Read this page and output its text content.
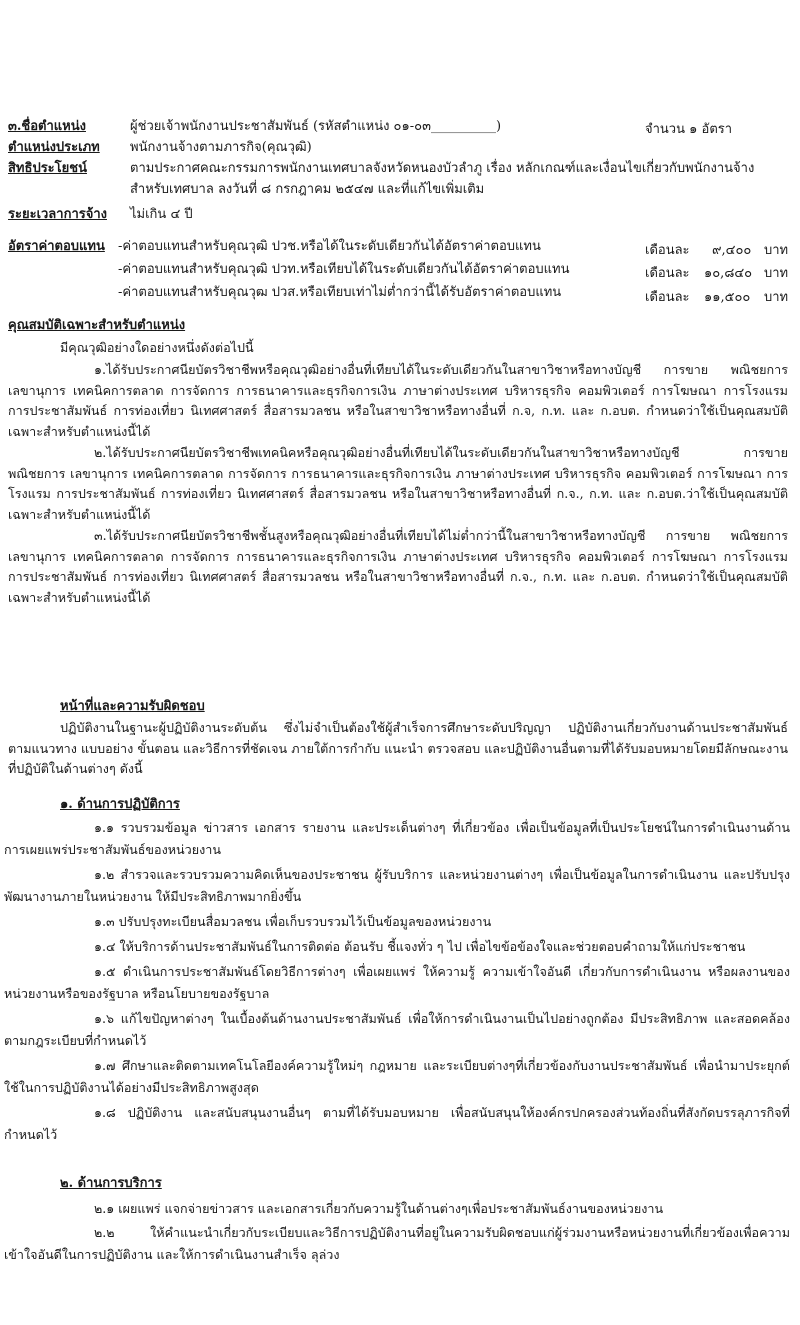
๓.ชื่อตำแหน่ง	ผู้ช่วยเจ้าพนักงานประชาสัมพันธ์ (รหัสตำแหน่ง ๐๑-๐๓__________)	จำนวน ๑ อัตรา
ตำแหน่งประเภท พนักงานจ้างตามภารกิจ(คุณวุฒิ)
สิทธิประโยชน์	ตามประกาศคณะกรรมการพนักงานเทศบาลจังหวัดหนองบัวลำภู เรื่อง หลักเกณฑ์และเงื่อนไขเกี่ยวกับพนักงานจ้าง
สำหรับเทศบาล ลงวันที่ ๘ กรกฎาคม ๒๕๔๗ และที่แก้ไขเพิ่มเติม
ระยะเวลาการจ้าง ไม่เกิน ๔ ปี
อัตราค่าตอบแทน -ค่าตอบแทนสำหรับคุณวุฒิ ปวช.หรือได้ในระดับเดียวกันได้อัตราค่าตอบแทน	เดือนละ ๙,๔๐๐ บาท
-ค่าตอบแทนสำหรับคุณวุฒิ ปวท.หรือเทียบได้ในระดับเดียวกันได้อัตราค่าตอบแทน	เดือนละ ๑๐,๘๔๐ บาท
-ค่าตอบแทนสำหรับคุณวุฒ ปวส.หรือเทียบเท่าไม่ต่ำกว่านี้ได้รับอัตราค่าตอบแทน	เดือนละ ๑๑,๕๐๐ บาท
คุณสมบัติเฉพาะสำหรับตำแหน่ง

มีคุณวุฒิอย่างใดอย่างหนึ่งดังต่อไปนี้

๑.ได้รับประกาศนียบัตรวิชาชีพหรือคุณวุฒิอย่างอื่นที่เทียบได้ในระดับเดียวกันในสาขาวิชาหรือทางบัญชี การขาย พณิชยการ เลขานุการ เทคนิคการตลาด การจัดการ การธนาคารและธุรกิจการเงิน ภาษาต่างประเทศ บริหารธุรกิจ คอมพิวเตอร์ การโฆษณา การโรงแรม การประชาสัมพันธ์ การท่องเที่ยว นิเทศศาสตร์ สื่อสารมวลชน หรือในสาขาวิชาหรือทางอื่นที่ ก.จ, ก.ท. และ ก.อบต. กำหนดว่าใช้เป็นคุณสมบัติเฉพาะสำหรับตำแหน่งนี้ได้

๒.ได้รับประกาศนียบัตรวิชาชีพเทคนิคหรือคุณวุฒิอย่างอื่นที่เทียบได้ในระดับเดียวกันในสาขาวิชาหรือทางบัญชี การขาย พณิชยการ เลขานุการ เทคนิคการตลาด การจัดการ การธนาคารและธุรกิจการเงิน ภาษาต่างประเทศ บริหารธุรกิจ คอมพิวเตอร์ การโฆษณา การโรงแรม การประชาสัมพันธ์ การท่องเที่ยว นิเทศศาสตร์ สื่อสารมวลชน หรือในสาขาวิชาหรือทางอื่นที่ ก.จ., ก.ท. และ ก.อบต.ว่าใช้เป็นคุณสมบัติเฉพาะสำหรับตำแหน่งนี้ได้

๓.ได้รับประกาศนียบัตรวิชาชีพชั้นสูงหรือคุณวุฒิอย่างอื่นที่เทียบได้ไม่ต่ำกว่านี้ในสาขาวิชาหรือทางบัญชี การขาย พณิชยการ เลขานุการ เทคนิคการตลาด การจัดการ การธนาคารและธุรกิจการเงิน ภาษาต่างประเทศ บริหารธุรกิจ คอมพิวเตอร์ การโฆษณา การโรงแรม การประชาสัมพันธ์ การท่องเที่ยว นิเทศศาสตร์ สื่อสารมวลชน หรือในสาขาวิชาหรือทางอื่นที่ ก.จ., ก.ท. และ ก.อบต. กำหนดว่าใช้เป็นคุณสมบัติเฉพาะสำหรับตำแหน่งนี้ได้

หน้าที่และความรับผิดชอบ

ปฏิบัติงานในฐานะผู้ปฏิบัติงานระดับต้น ซึ่งไม่จำเป็นต้องใช้ผู้สำเร็จการศึกษาระดับปริญญา ปฏิบัติงานเกี่ยวกับงานด้านประชาสัมพันธ์ ตามแนวทาง แบบอย่าง ขั้นตอน และวิธีการที่ชัดเจน ภายใต้การกำกับ แนะนำ ตรวจสอบ และปฏิบัติงานอื่นตามที่ได้รับมอบหมายโดยมีลักษณะงานที่ปฏิบัติในด้านต่างๆ ดังนี้

๑. ด้านการปฏิบัติการ

๑.๑ รวบรวมข้อมูล ข่าวสาร เอกสาร รายงาน และประเด็นต่างๆ ที่เกี่ยวข้อง เพื่อเป็นข้อมูลที่เป็นประโยชน์ในการดำเนินงานด้านการเผยแพร่ประชาสัมพันธ์ของหน่วยงาน

๑.๒ สำรวจและรวบรวมความคิดเห็นของประชาชน ผู้รับบริการ และหน่วยงานต่างๆ เพื่อเป็นข้อมูลในการดำเนินงาน และปรับปรุงพัฒนางานภายในหน่วยงาน ให้มีประสิทธิภาพมากยิ่งขึ้น

๑.๓ ปรับปรุงทะเบียนสื่อมวลชน เพื่อเก็บรวบรวมไว้เป็นข้อมูลของหน่วยงาน

๑.๔ ให้บริการด้านประชาสัมพันธ์ในการติดต่อ ต้อนรับ ชี้แจงทั่ว ๆ ไป เพื่อไขข้อข้องใจและช่วยตอบคำถามให้แก่ประชาชน

๑.๕ ดำเนินการประชาสัมพันธ์โดยวิธีการต่างๆ เพื่อเผยแพร่ ให้ความรู้ ความเข้าใจอันดี เกี่ยวกับการดำเนินงาน หรือผลงานของหน่วยงานหรือของรัฐบาล หรือนโยบายของรัฐบาล

๑.๖ แก้ไขปัญหาต่างๆ ในเบื้องต้นด้านงานประชาสัมพันธ์ เพื่อให้การดำเนินงานเป็นไปอย่างถูกต้อง มีประสิทธิภาพ และสอดคล้องตามกฎระเบียบที่กำหนดไว้

๑.๗ ศึกษาและติดตามเทคโนโลยีองค์ความรู้ใหม่ๆ กฎหมาย และระเบียบต่างๆที่เกี่ยวข้องกับงานประชาสัมพันธ์ เพื่อนำมาประยุกต์ใช้ในการปฏิบัติงานได้อย่างมีประสิทธิภาพสูงสุด

๑.๘ ปฏิบัติงาน และสนับสนุนงานอื่นๆ ตามที่ได้รับมอบหมาย เพื่อสนับสนุนให้องค์กรปกครองส่วนท้องถิ่นที่สังกัดบรรลุภารกิจที่กำหนดไว้

๒. ด้านการบริการ

๒.๑ เผยแพร่ แจกจ่ายข่าวสาร และเอกสารเกี่ยวกับความรู้ในด้านต่างๆเพื่อประชาสัมพันธ์งานของหน่วยงาน

๒.๒ ให้คำแนะนำเกี่ยวกับระเบียบและวิธีการปฏิบัติงานที่อยู่ในความรับผิดชอบแก่ผู้ร่วมงานหรือหน่วยงานที่เกี่ยวข้องเพื่อความเข้าใจอันดีในการปฏิบัติงาน และให้การดำเนินงานสำเร็จ ลุล่วง
